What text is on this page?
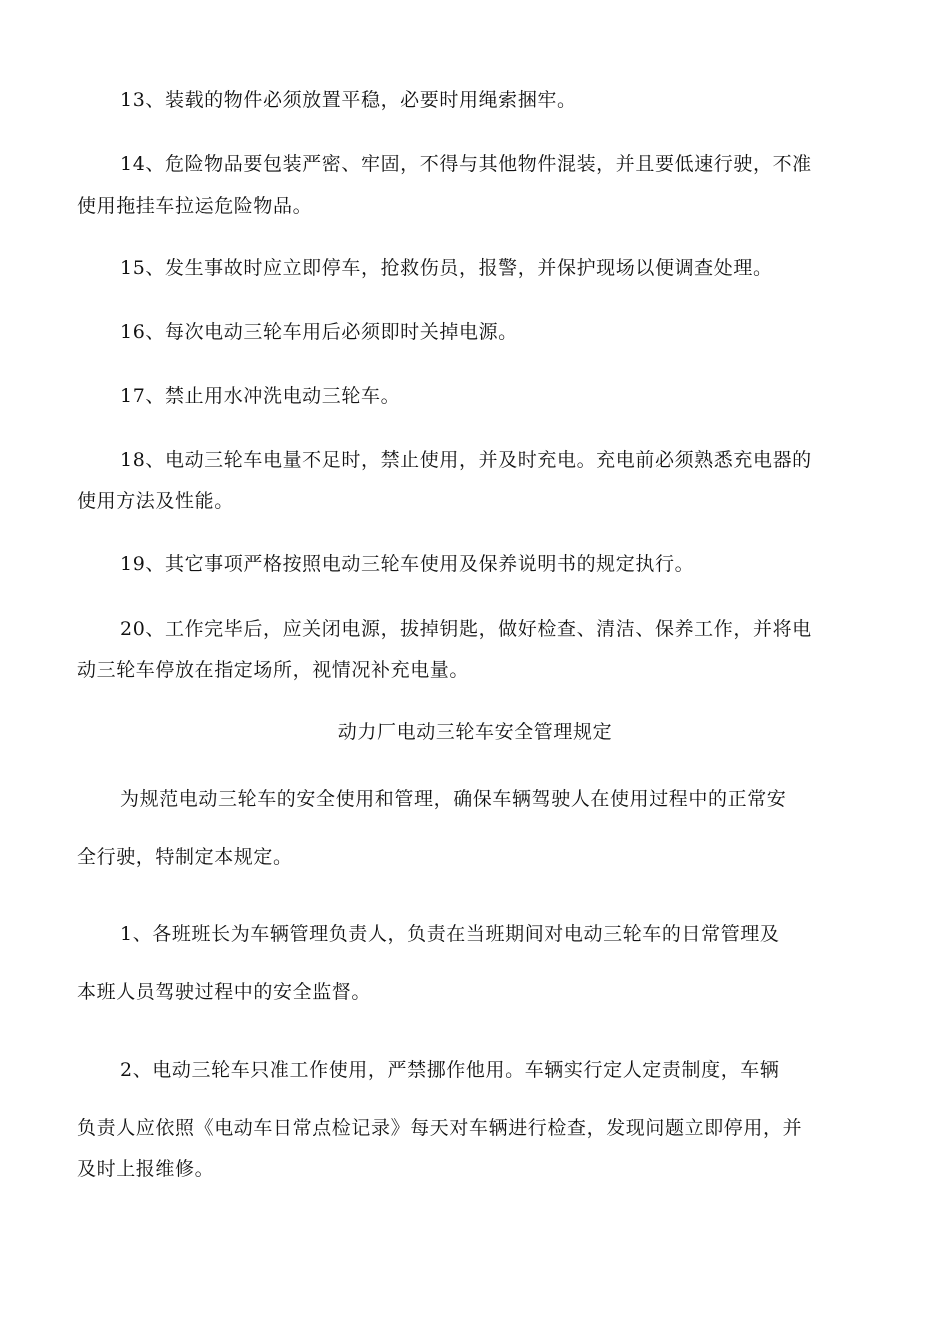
13、装载的物件必须放置平稳，必要时用绳索捆牢。
14、危险物品要包装严密、牢固，不得与其他物件混装，并且要低速行驶，不准
使用拖挂车拉运危险物品。
15、发生事故时应立即停车，抢救伤员，报警，并保护现场以便调查处理。
16、每次电动三轮车用后必须即时关掉电源。
17、禁止用水冲洗电动三轮车。
18、电动三轮车电量不足时，禁止使用，并及时充电。充电前必须熟悉充电器的
使用方法及性能。
19、其它事项严格按照电动三轮车使用及保养说明书的规定执行。
20、工作完毕后，应关闭电源，拔掉钥匙，做好检查、清洁、保养工作，并将电
动三轮车停放在指定场所，视情况补充电量。
动力厂电动三轮车安全管理规定
为规范电动三轮车的安全使用和管理，确保车辆驾驶人在使用过程中的正常安
全行驶，特制定本规定。
1、各班班长为车辆管理负责人，负责在当班期间对电动三轮车的日常管理及
本班人员驾驶过程中的安全监督。
2、电动三轮车只准工作使用，严禁挪作他用。车辆实行定人定责制度，车辆
负责人应依照《电动车日常点检记录》每天对车辆进行检查，发现问题立即停用，并
及时上报维修。
